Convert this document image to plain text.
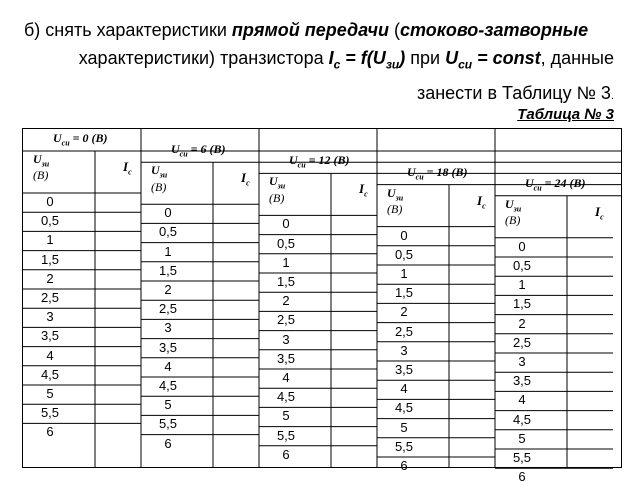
б) снять характеристики прямой передачи (стоково-затворные
характеристики) транзистора $I_с = f(U_{зи})$ при $U_{си}$ = const, данные
занести в Таблицу № 3.
Таблица № 3
$U_{си} = 0$ (В)
$U_{зи}$
(В)
$I_с$
0
0,5
1
1,5
2
2,5
3
3,5
4
4,5
5
5,5
6
$U_{си} = 6$ (В)
$U_{зи}$
(В)
$I_с$
0
0,5
1
1,5
2
2,5
3
3,5
4
4,5
5
5,5
6
$U_{си} = 12$ (В)
$U_{зи}$
(В)
$I_с$
0
0,5
1
1,5
2
2,5
3
3,5
4
4,5
5
5,5
6
$U_{си} = 18$ (В)
$U_{зи}$
(В)
$I_с$
0
0,5
1
1,5
2
2,5
3
3,5
4
4,5
5
5,5
6
$U_{си} = 24$ (В)
$U_{зи}$
(В)
$I_с$
0
0,5
1
1,5
2
2,5
3
3,5
4
4,5
5
5,5
6
